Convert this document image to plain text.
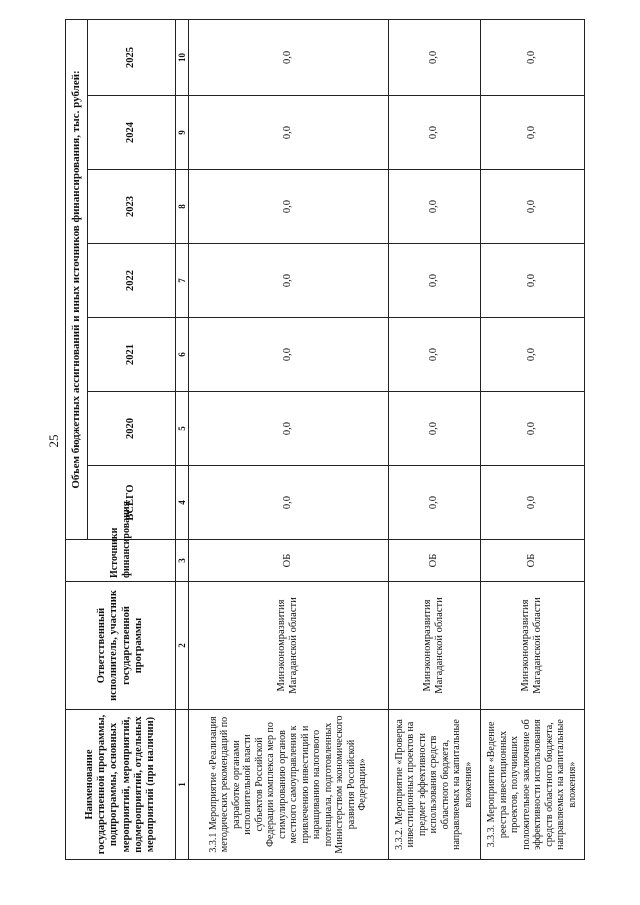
25
Наименование государственной программы, подпрограммы, основных мероприятий, мероприятий, подмероприятий, отдельных мероприятий (при наличии)	Ответственный исполнитель, участник государственной программы	Источники финансирования	Объем бюджетных ассигнований и иных источников финансирования, тыс. рублей:						
			ВСЕГО	2020	2021	2022	2023	2024	2025
1	2	3	4	5	6	7	8	9	10
3.3.1 Мероприятие «Реализация методических рекомендаций по разработке органами исполнительной власти субъектов Российской Федерации комплекса мер по стимулированию органов местного самоуправления к привлечению инвестиций и наращиванию налогового потенциала, подготовленных Министерством экономического развития Российской Федерации»	Минэкономразвития Магаданской области	ОБ	0,0	0,0	0,0	0,0	0,0	0,0	0,0
3.3.2. Мероприятие «Проверка инвестиционных проектов на предмет эффективности использования средств областного бюджета, направляемых на капитальные вложения»	Минэкономразвития Магаданской области	ОБ	0,0	0,0	0,0	0,0	0,0	0,0	0,0
3.3.3. Мероприятие «Ведение реестра инвестиционных проектов, получивших положительное заключение об эффективности использования средств областного бюджета, направляемых на капитальные вложения»	Минэкономразвития Магаданской области	ОБ	0,0	0,0	0,0	0,0	0,0	0,0	0,0
